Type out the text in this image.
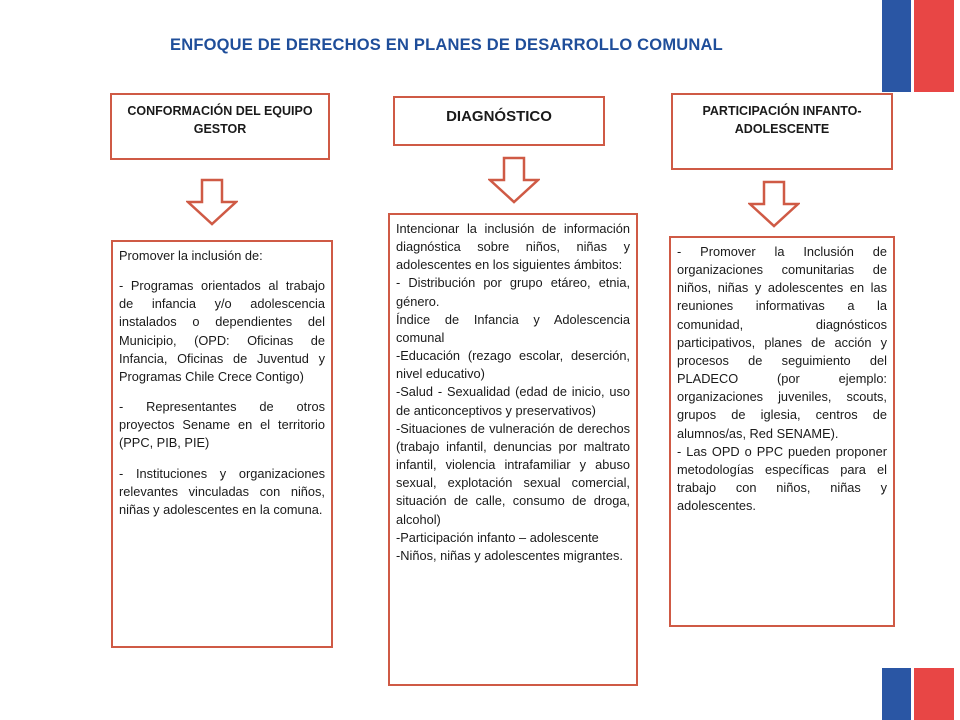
ENFOQUE DE DERECHOS EN PLANES DE DESARROLLO COMUNAL
CONFORMACIÓN DEL EQUIPO GESTOR
DIAGNÓSTICO	PARTICIPACIÓN INFANTO-ADOLESCENTE

Promover la inclusión de:

- Programas orientados al trabajo de infancia y/o adolescencia instalados o dependientes del Municipio, (OPD: Oficinas de Infancia, Oficinas de Juventud y Programas Chile Crece Contigo)

- Representantes de otros proyectos Sename en el territorio (PPC, PIB, PIE)

- Instituciones y organizaciones relevantes vinculadas con niños, niñas y adolescentes en la comuna.

Intencionar la inclusión de información diagnóstica sobre niños, niñas y adolescentes en los siguientes ámbitos:

- Distribución por grupo etáreo, etnia, género.

Índice de Infancia y Adolescencia comunal

-Educación (rezago escolar, deserción, nivel educativo)

-Salud - Sexualidad (edad de inicio, uso de anticonceptivos y preservativos)

-Situaciones de vulneración de derechos (trabajo infantil, denuncias por maltrato infantil, violencia intrafamiliar y abuso sexual, explotación sexual comercial, situación de calle, consumo de droga, alcohol)

-Participación infanto – adolescente

-Niños, niñas y adolescentes migrantes.

- Promover la Inclusión de organizaciones comunitarias de niños, niñas y adolescentes en las reuniones informativas a la comunidad, diagnósticos participativos, planes de acción y procesos de seguimiento del PLADECO (por ejemplo: organizaciones juveniles, scouts, grupos de iglesia, centros de alumnos/as, Red SENAME).

- Las OPD o PPC pueden proponer metodologías específicas para el trabajo con niños, niñas y adolescentes.
